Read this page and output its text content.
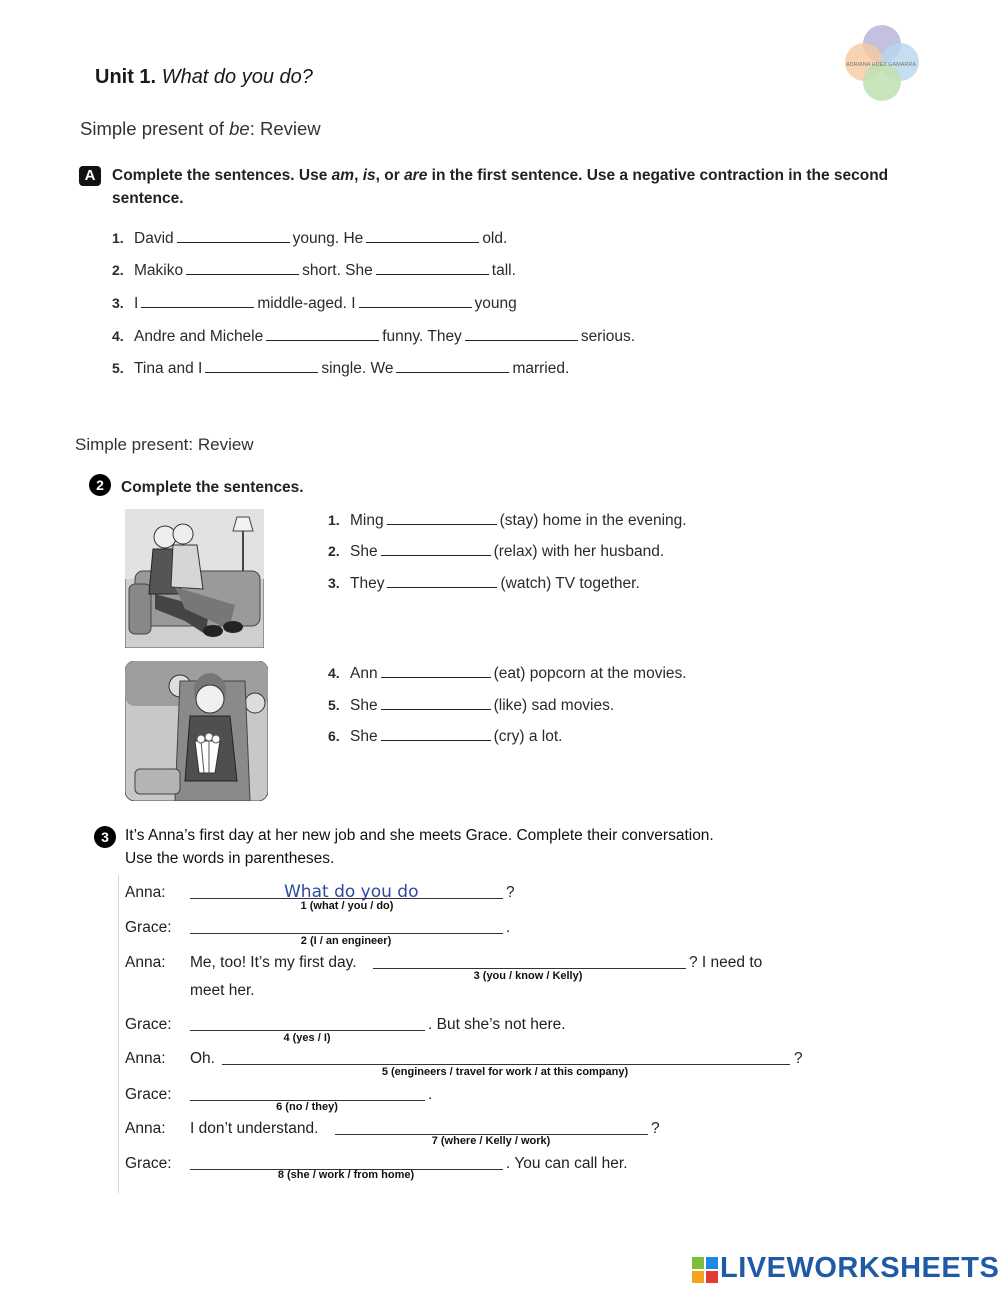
Unit 1. What do you do?
ADRIANA HDEZ GAMARRA
Simple present of be: Review
A	Complete the sentences. Use am, is, or are in the first sentence. Use a negative contraction in the second sentence.
1. David	young. He	old.
2. Makiko	short. She	tall.
3. I	middle-aged. I	young
4. Andre and Michele	funny. They	serious.
5. Tina and I	single. We	married.
Simple present: Review
2	Complete the sentences.
1. Ming	(stay) home in the evening.
2. She	(relax) with her husband.
3. They	(watch) TV together.
4. Ann	(eat) popcorn at the movies.
5. She	(like) sad movies.
6. She	(cry) a lot.
3	It’s Anna’s first day at her new job and she meets Grace. Complete their conversation.
Use the words in parentheses.
Anna:	What do you do	?
1 (what / you / do)
Grace:	.
2 (I / an engineer)
Anna: Me, too! It’s my first day.	? I need to
3 (you / know / Kelly)
meet her.
Grace:	. But she’s not here.
4 (yes / I)
Anna: Oh.	?
5 (engineers / travel for work / at this company)
Grace:	.
6 (no / they)
Anna: I don’t understand.	?
7 (where / Kelly / work)
Grace:	. You can call her.
8 (she / work / from home)
LIVEWORKSHEETS
